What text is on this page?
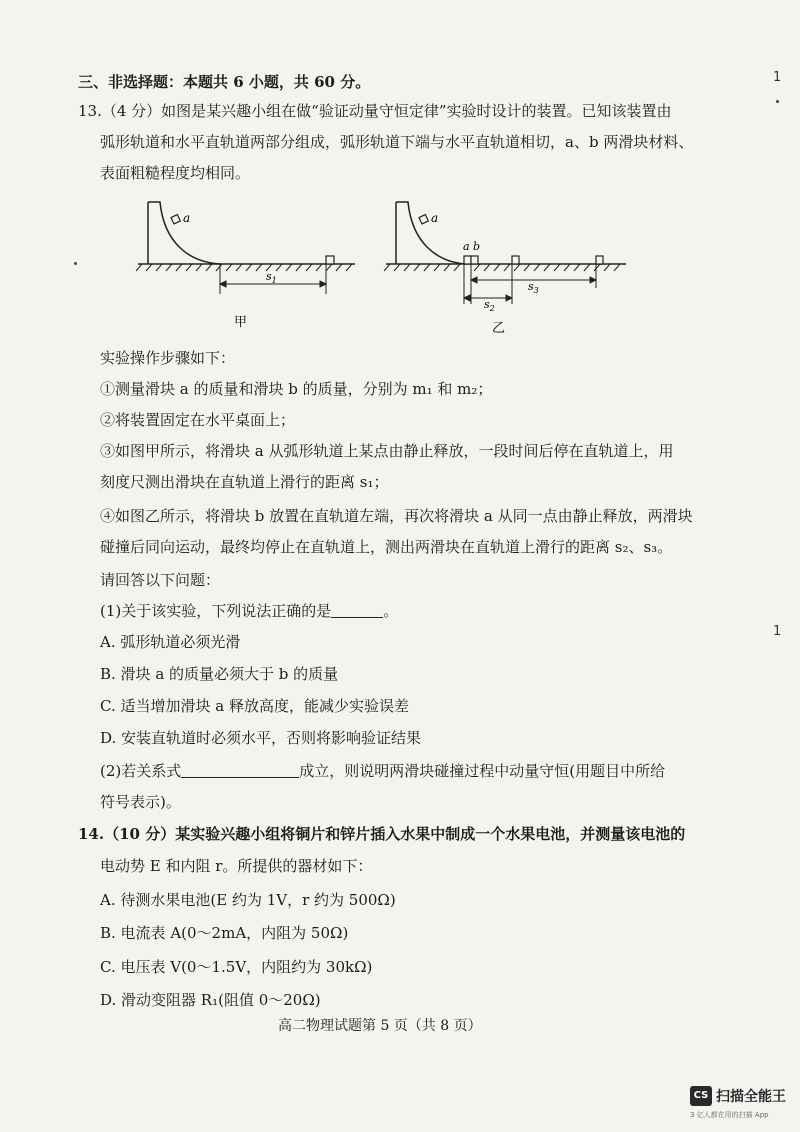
三、非选择题：本题共 6 小题，共 60 分。	1
1
13.（4 分）如图是某兴趣小组在做“验证动量守恒定律”实验时设计的装置。已知该装置由
弧形轨道和水平直轨道两部分组成，弧形轨道下端与水平直轨道相切，a、b 两滑块材料、
表面粗糙程度均相同。
a
$s_1$
甲
a
a b
$s_3$
$s_2$
乙
实验操作步骤如下：
①测量滑块 a 的质量和滑块 b 的质量，分别为 m₁ 和 m₂；
②将装置固定在水平桌面上；
③如图甲所示，将滑块 a 从弧形轨道上某点由静止释放，一段时间后停在直轨道上，用
刻度尺测出滑块在直轨道上滑行的距离 s₁；
④如图乙所示，将滑块 b 放置在直轨道左端，再次将滑块 a 从同一点由静止释放，两滑块
碰撞后同向运动，最终均停止在直轨道上，测出两滑块在直轨道上滑行的距离 s₂、s₃。
请回答以下问题：
(1)关于该实验，下列说法正确的是	。
A. 弧形轨道必须光滑
B. 滑块 a 的质量必须大于 b 的质量
C. 适当增加滑块 a 释放高度，能减少实验误差
D. 安装直轨道时必须水平，否则将影响验证结果
(2)若关系式	成立，则说明两滑块碰撞过程中动量守恒(用题目中所给
符号表示)。
14.（10 分）某实验兴趣小组将铜片和锌片插入水果中制成一个水果电池，并测量该电池的
电动势 E 和内阻 r。所提供的器材如下：
A. 待测水果电池(E 约为 1V，r 约为 500Ω)
B. 电流表 A(0～2mA，内阻为 50Ω)
C. 电压表 V(0～1.5V，内阻约为 30kΩ)
D. 滑动变阻器 R₁(阻值 0～20Ω)
高二物理试题第 5 页（共 8 页）
CS 扫描全能王
3 亿人都在用的扫描 App
